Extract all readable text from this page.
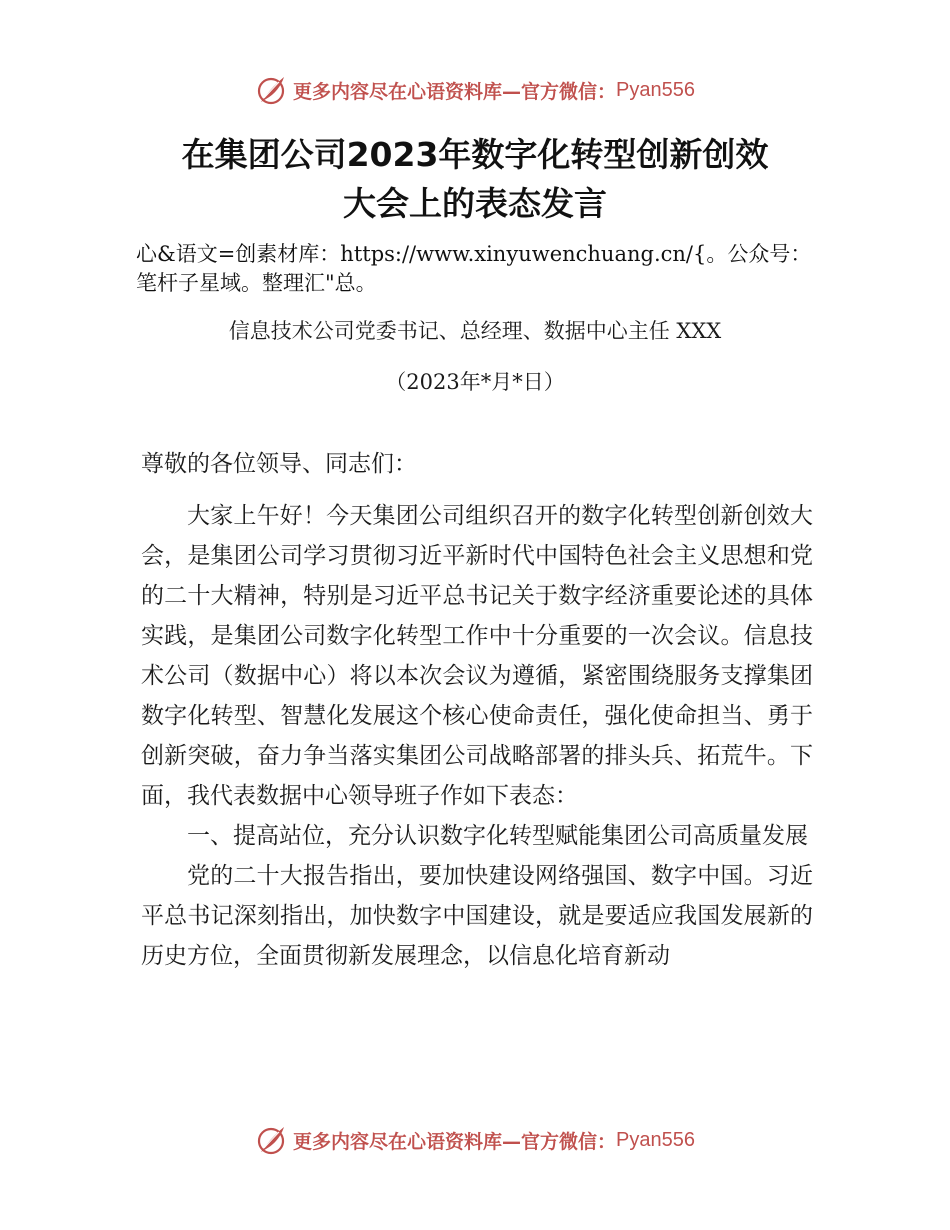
更多内容尽在心语资料库—官方微信： Pyan556
在集团公司2023年数字化转型创新创效
大会上的表态发言
心&语文=创素材库：https://www.xinyuwenchuang.cn/{。公众号：笔杆子星域。整理汇"总。
信息技术公司党委书记、总经理、数据中心主任 XXX
（2023年*月*日）

尊敬的各位领导、同志们：

大家上午好！今天集团公司组织召开的数字化转型创新创效大会，是集团公司学习贯彻习近平新时代中国特色社会主义思想和党的二十大精神，特别是习近平总书记关于数字经济重要论述的具体实践，是集团公司数字化转型工作中十分重要的一次会议。信息技术公司（数据中心）将以本次会议为遵循，紧密围绕服务支撑集团数字化转型、智慧化发展这个核心使命责任，强化使命担当、勇于创新突破，奋力争当落实集团公司战略部署的排头兵、拓荒牛。下面，我代表数据中心领导班子作如下表态：

一、提高站位，充分认识数字化转型赋能集团公司高质量发展

党的二十大报告指出，要加快建设网络强国、数字中国。习近平总书记深刻指出，加快数字中国建设，就是要适应我国发展新的历史方位，全面贯彻新发展理念，以信息化培育新动

更多内容尽在心语资料库—官方微信： Pyan556
